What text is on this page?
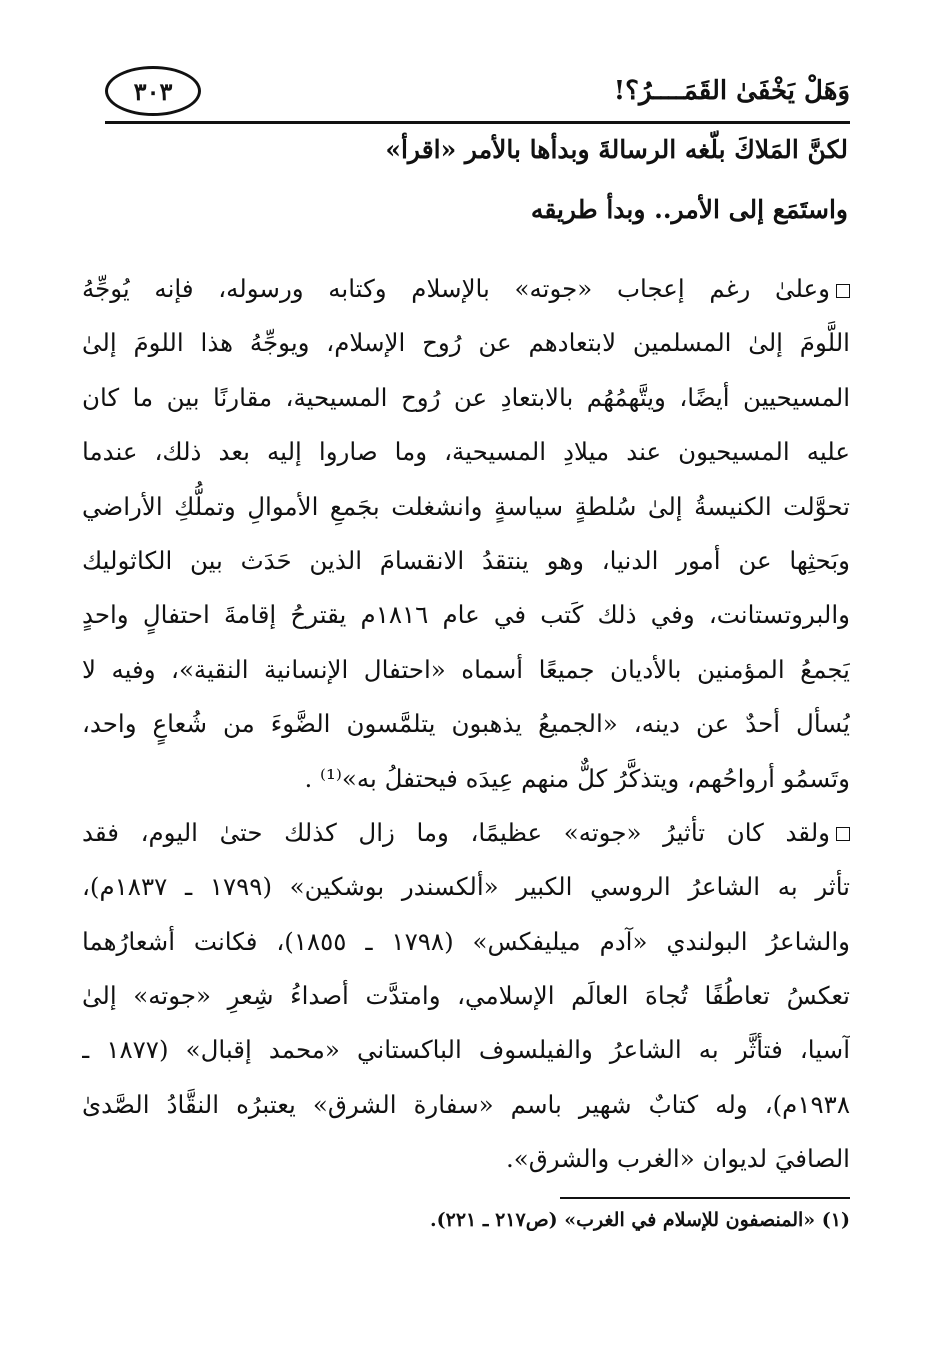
وَهَلْ يَخْفَىٰ القَمَــــرُ؟!
٣٠٣
لكنَّ المَلاكَ بلّغه الرسالةَ وبدأها بالأمر «اقرأ»
واستَمَع إلى الأمر.. وبدأ طريقه
وعلىٰ رغم إعجاب «جوته» بالإسلام وكتابه ورسوله، فإنه يُوجِّهُ
اللَّومَ إلىٰ المسلمين لابتعادهم عن رُوح الإسلام، ويوجِّهُ هذا اللومَ إلىٰ
المسيحيين أيضًا، ويتَّهمُهُم بالابتعادِ عن رُوح المسيحية، مقارنًا بين ما كان
عليه المسيحيون عند ميلادِ المسيحية، وما صاروا إليه بعد ذلك، عندما
تحوَّلت الكنيسةُ إلىٰ سُلطةٍ سياسةٍ وانشغلت بجَمعِ الأموالِ وتملُّكِ الأراضي
وبَحثِها عن أمور الدنيا، وهو ينتقدُ الانقسامَ الذين حَدَث بين الكاثوليك
والبروتستانت، وفي ذلك كَتب في عام ١٨١٦م يقترحُ إقامةَ احتفالٍ واحدٍ
يَجمعُ المؤمنين بالأديان جميعًا أسماه «احتفال الإنسانية النقية»، وفيه لا
يُسأل أحدٌ عن دينه، «الجميعُ يذهبون يتلمَّسون الضَّوءَ من شُعاعٍ واحد،
وتَسمُو أرواحُهم، ويتذكَّرُ كلٌّ منهم عِيدَه فيحتفلُ به»⁽¹⁾ .
ولقد كان تأثيرُ «جوته» عظيمًا، وما زال كذلك حتىٰ اليوم، فقد
تأثر به الشاعرُ الروسي الكبير «ألكسندر بوشكين» (١٧٩٩ ـ ١٨٣٧م)،
والشاعرُ البولندي «آدم ميليفكس» (١٧٩٨ ـ ١٨٥٥)، فكانت أشعارُهما
تعكسُ تعاطُفًا تُجاهَ العالَم الإسلامي، وامتدَّت أصداءُ شِعرِ «جوته» إلىٰ
آسيا، فتأثَّر به الشاعرُ والفيلسوف الباكستاني «محمد إقبال» (١٨٧٧ ـ
١٩٣٨م)، وله كتابٌ شهير باسم «سفارة الشرق» يعتبرُه النقَّادُ الصَّدىٰ
الصافيَ لديوان «الغرب والشرق».
(١) «المنصفون للإسلام في الغرب» (ص٢١٧ ـ ٢٢١).
